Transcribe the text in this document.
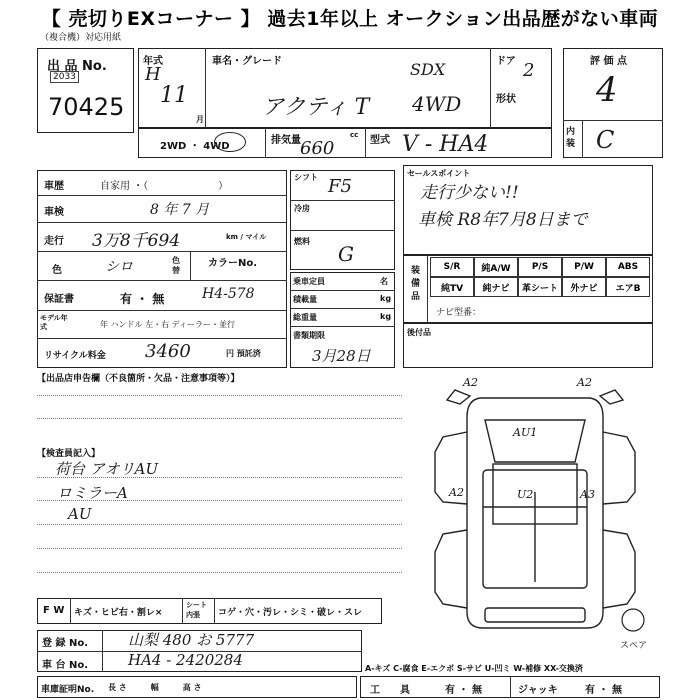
【 売切りEXコーナー 】 過去1年以上 オークション出品歴がない車両
（複合機）対応用紙
出 品 No.
2033
70425
年式
H
11
月
車名・グレード	SDX
アクティ T 4WD
ドア 2
形状
評 価 点
4
内装 C
2WD ・ 4WD
排気量	cc
660	型式 V - HA4
車歴	自家用 ・（　　　　　　　）
車検	8 年 7 月
走行 3万8千694	km / マイル
色	シロ	色替
カラーNo.
保証書	有 ・ 無	H4-578
モデル年式	年 ハンドル 左・右 ディーラー・並行
リサイクル料金 3460	円 預託済
シフト F5
冷房
燃料
G
乗車定員	名
積載量	kg
総重量	kg
書類期限
3月28日
セールスポイント
走行少ない!!
車検 R8年7月8日まで
装備品
S/R	純A/W	P/S	P/W	ABS
純TV	純ナビ	革シート	外ナビ	エアB
ナビ型番：
後付品
【出品店申告欄（不良箇所・欠品・注意事項等）】
【検査員記入】
荷台 アオリAU
ロミラーA
AU
A2	A2
AU1
A2	U2	A3
スペア
F W キズ・ヒビ右・割レ×
シート内張	コゲ・穴・汚レ・シミ・破レ・スレ
登 録 No.	山梨 480 お 5777
車 台 No.	HA4 - 2420284	A-キズ C-腐食 E-エクボ S-サビ U-凹ミ W-補修 XX-交換済
車庫証明No. 長 さ　　　幅　　　高 さ	工　　具	有 ・ 無	ジャッキ	有 ・ 無
